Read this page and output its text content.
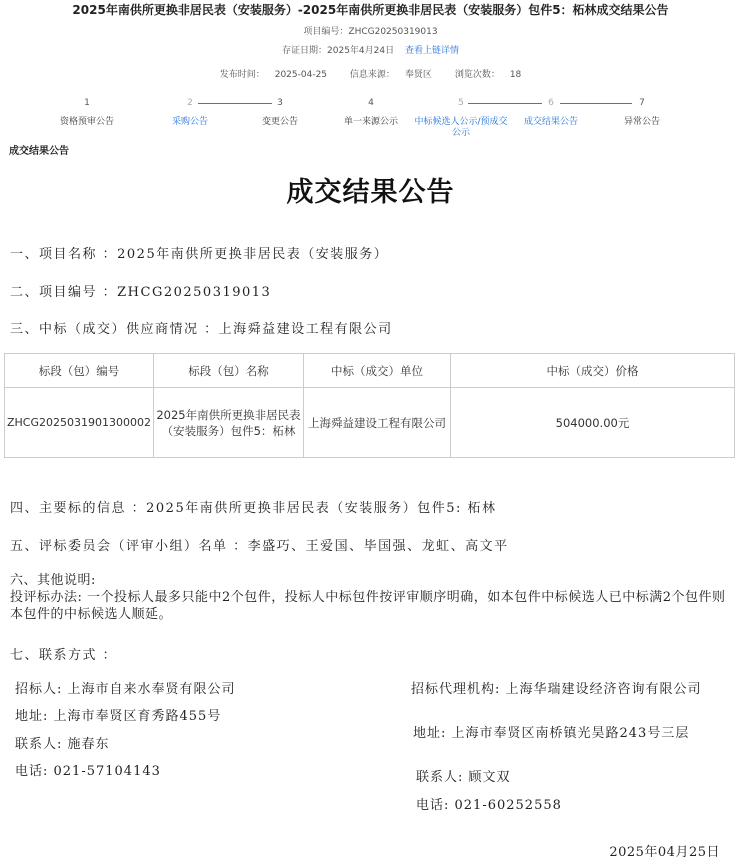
2025年南供所更换非居民表（安装服务）-2025年南供所更换非居民表（安装服务）包件5：柘林成交结果公告
项目编号：ZHCG20250319013
存证日期：2025年4月24日 查看上链详情
发布时间： 2025-04-25	信息来源： 奉贤区	浏览次数： 18
1
资格预审公告
2
采购公告
3
变更公告
4
单一来源公示
5
中标候选人公示/预成交公示
6
成交结果公告
7
异常公告
成交结果公告
成交结果公告
一、项目名称 ：2025年南供所更换非居民表（安装服务）
二、项目编号 ：ZHCG20250319013
三、中标（成交）供应商情况 ：上海舜益建设工程有限公司
标段（包）编号	标段（包）名称	中标（成交）单位	中标（成交）价格
ZHCG2025031901300002	2025年南供所更换非居民表（安装服务）包件5：柘林	上海舜益建设工程有限公司	504000.00元
四、主要标的信息 ：2025年南供所更换非居民表（安装服务）包件5: 柘林
五、评标委员会（评审小组）名单 ：李盛巧、王爱国、毕国强、龙虹、高文平
六、其他说明:
投评标办法: 一个投标人最多只能中2个包件，投标人中标包件按评审顺序明确，如本包件中标候选人已中标满2个包件则本包件的中标候选人顺延。
七、联系方式 ：
招标人: 上海市自来水奉贤有限公司
地址: 上海市奉贤区育秀路455号
联系人: 施春东
电话: 021-57104143
招标代理机构: 上海华瑞建设经济咨询有限公司
地址: 上海市奉贤区南桥镇光昊路243号三层
联系人: 顾文双
电话: 021-60252558
2025年04月25日
